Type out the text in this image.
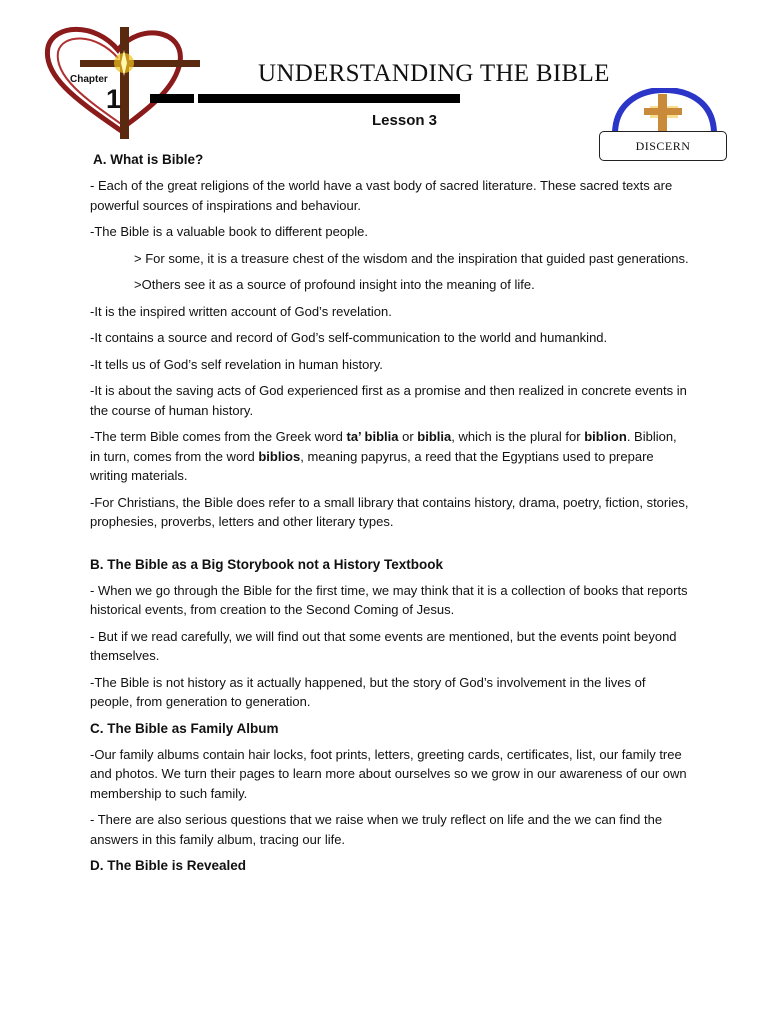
Chapter
1
UNDERSTANDING THE BIBLE
Lesson 3
DISCERN
A. What is Bible?

- Each of the great religions of the world have a vast body of sacred literature. These sacred texts are powerful sources of inspirations and behaviour.

-The Bible is a valuable book to different people.

> For some, it is a treasure chest of the wisdom and the inspiration that guided past generations.

>Others see it as a source of profound insight into the meaning of life.

-It is the inspired written account of God’s revelation.

-It contains a source and record of God’s self-communication to the world and humankind.

-It tells us of God’s self revelation in human history.

-It is about the saving acts of God experienced first as a promise and then realized in concrete events in the course of human history.

-The term Bible comes from the Greek word ta’ biblia or biblia, which is the plural for biblion. Biblion, in turn, comes from the word biblios, meaning papyrus, a reed that the Egyptians used to prepare writing materials.

-For Christians, the Bible does refer to a small library that contains history, drama, poetry, fiction, stories, prophesies, proverbs, letters and other literary types.

B. The Bible as a Big Storybook not a History Textbook

- When we go through the Bible for the first time, we may think that it is a collection of books that reports historical events, from creation to the Second Coming of Jesus.

- But if we read carefully, we will find out that some events are mentioned, but the events point beyond themselves.

-The Bible is not history as it actually happened, but the story of God’s involvement in the lives of people, from generation to generation.

C. The Bible as Family Album

-Our family albums contain hair locks, foot prints, letters, greeting cards, certificates, list, our family tree and photos. We turn their pages to learn more about ourselves so we grow in our awareness of our own membership to such family.

- There are also serious questions that we raise when we truly reflect on life and the we can find the answers in this family album, tracing our life.

D. The Bible is Revealed
